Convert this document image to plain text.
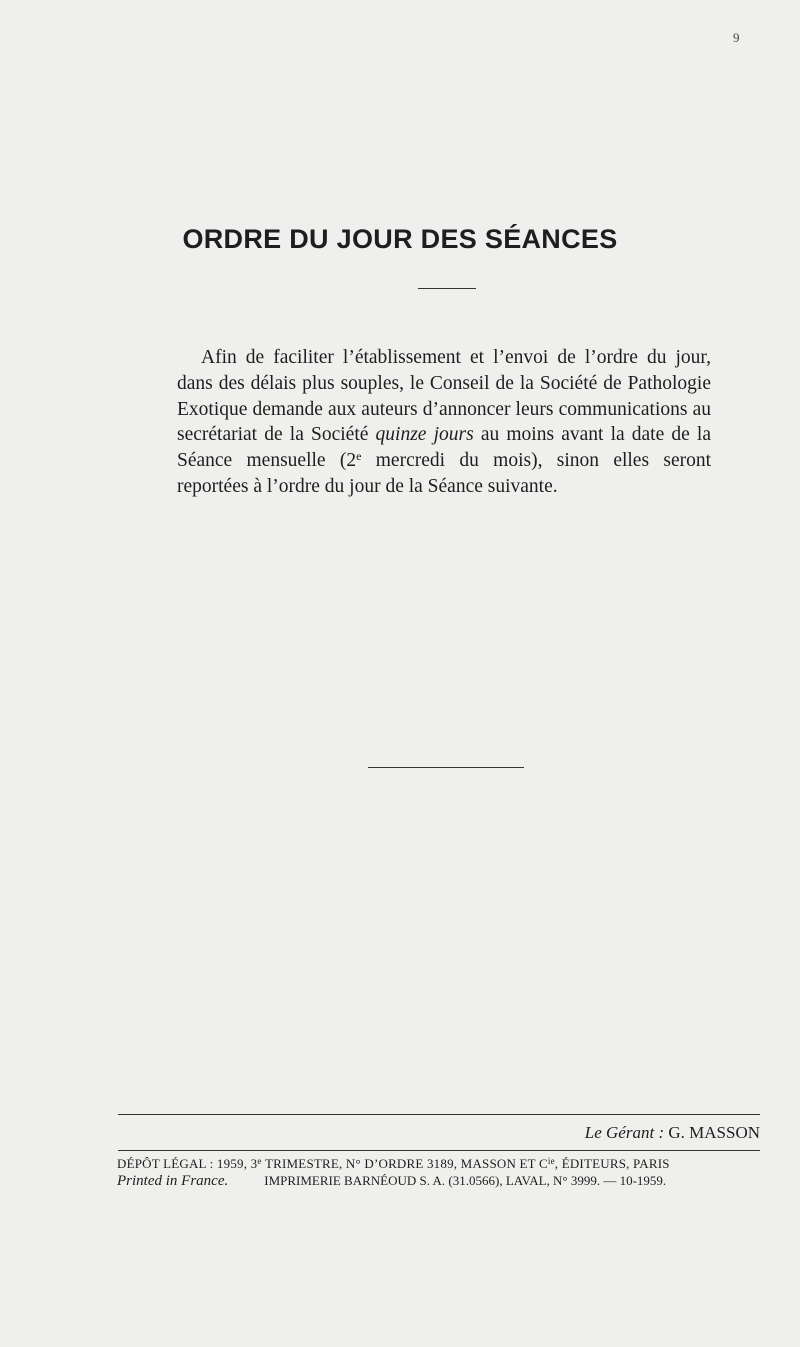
9
ORDRE DU JOUR DES SÉANCES

Afin de faciliter l’établissement et l’envoi de l’ordre du jour, dans des délais plus souples, le Conseil de la Société de Pathologie Exotique demande aux auteurs d’annoncer leurs communications au secrétariat de la Société quinze jours au moins avant la date de la Séance mensuelle (2e mercredi du mois), sinon elles seront reportées à l’ordre du jour de la Séance suivante.

Le Gérant : G. MASSON
DÉPÔT LÉGAL : 1959, 3e TRIMESTRE, N° D’ORDRE 3189, MASSON ET $C^{ie}$, ÉDITEURS, PARIS
Printed in France.	IMPRIMERIE BARNÉOUD S. A. (31.0566), LAVAL, N° 3999. — 10-1959.
